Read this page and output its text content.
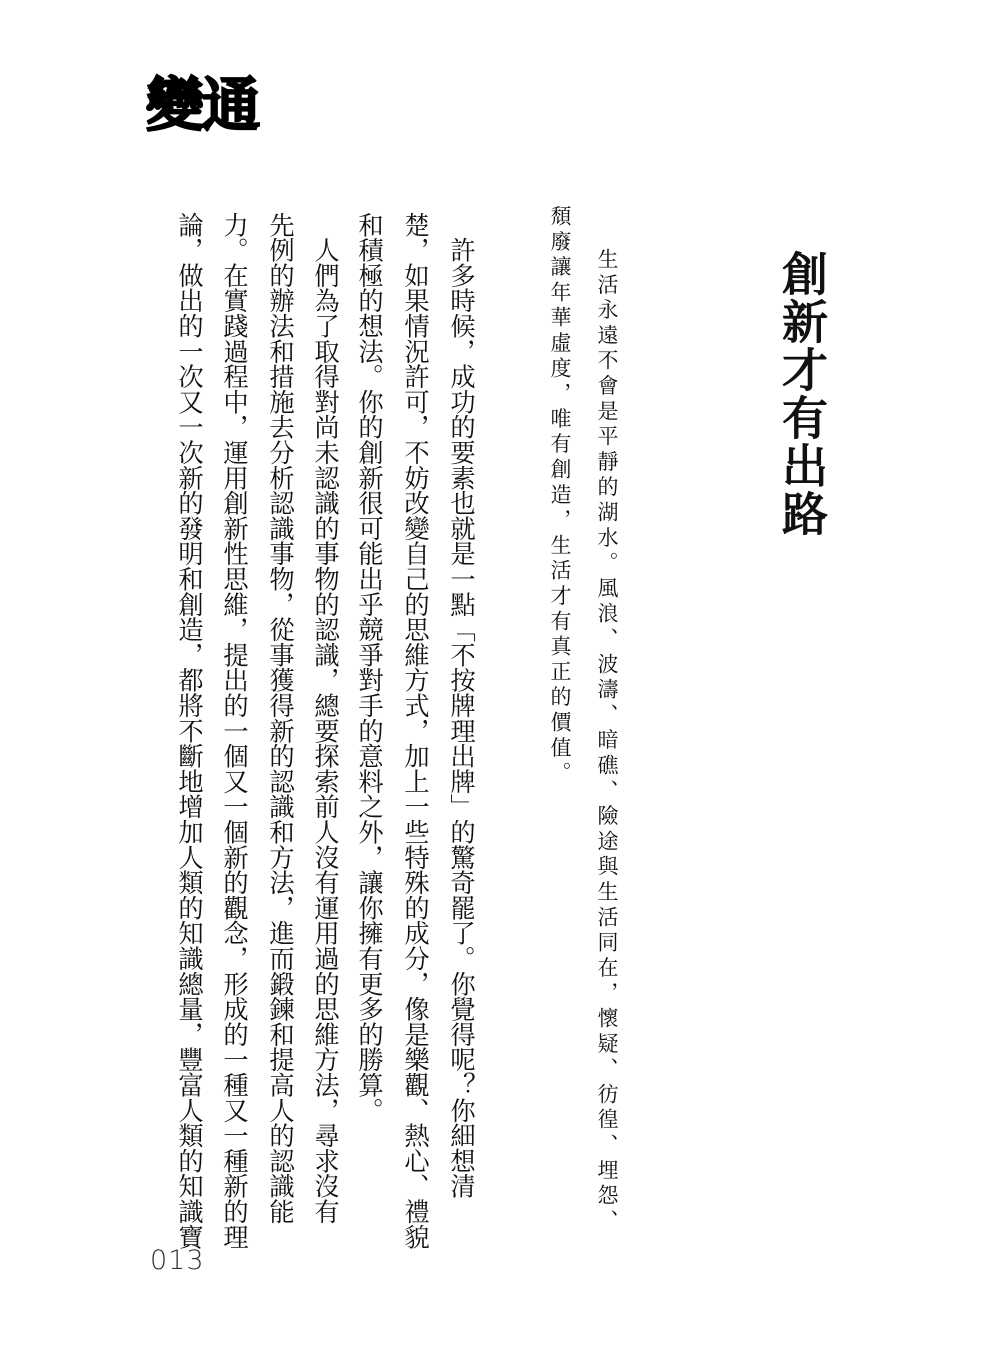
變通
創新才有出路
生活永遠不會是平靜的湖水。風浪、波濤、暗礁、險途與生活同在，懷疑、彷徨、埋怨、
頹廢讓年華虛度，唯有創造，生活才有真正的價值。
　許多時候，成功的要素也就是一點「不按牌理出牌」的驚奇罷了。你覺得呢？你細想清
楚，如果情況許可，不妨改變自己的思維方式，加上一些特殊的成分，像是樂觀、熱心、禮貌
和積極的想法。你的創新很可能出乎競爭對手的意料之外，讓你擁有更多的勝算。
　人們為了取得對尚未認識的事物的認識，總要探索前人沒有運用過的思維方法，尋求沒有
先例的辦法和措施去分析認識事物，從事獲得新的認識和方法，進而鍛鍊和提高人的認識能
力。在實踐過程中，運用創新性思維，提出的一個又一個新的觀念，形成的一種又一種新的理
論，做出的一次又一次新的發明和創造，都將不斷地增加人類的知識總量，豐富人類的知識寶
013
